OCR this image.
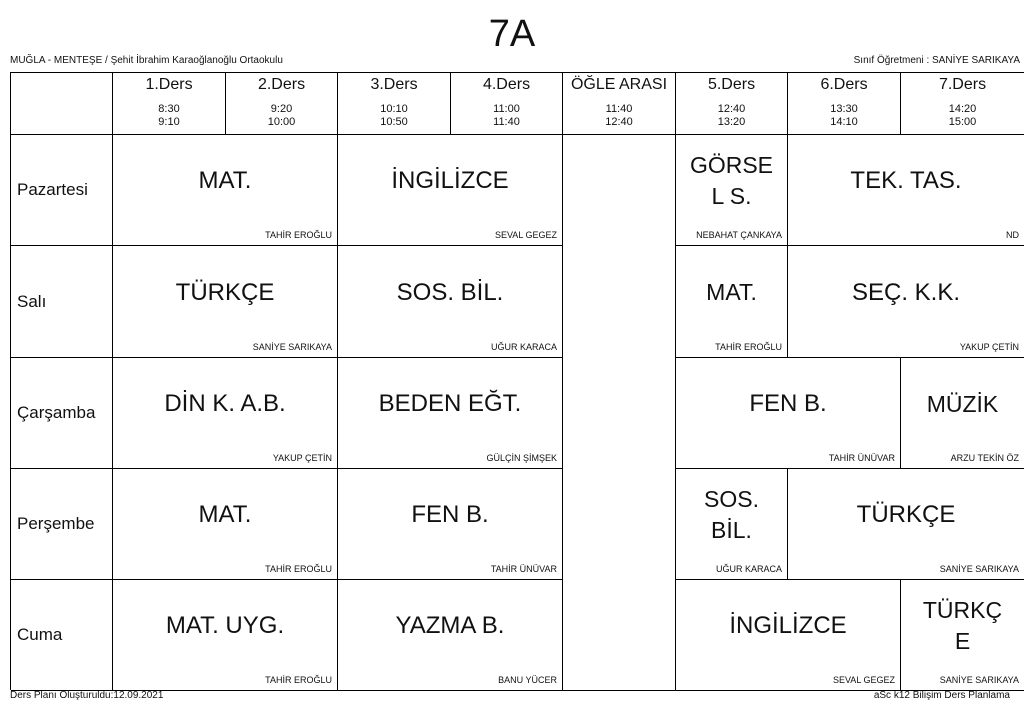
7A
MUĞLA - MENTEŞE / Şehit İbrahim Karaoğlanoğlu Ortaokulu	Sınıf Öğretmeni : SANİYE SARIKAYA
1.Ders
8:30
9:10
2.Ders
9:20
10:00
3.Ders
10:10
10:50
4.Ders
11:00
11:40
ÖĞLE ARASI
11:40
12:40
5.Ders
12:40
13:20
6.Ders
13:30
14:10
7.Ders
14:20
15:00
Pazartesi
Salı
Çarşamba
Perşembe
Cuma
MAT.
TAHİR EROĞLU
İNGİLİZCE
SEVAL GEGEZ
GÖRSE
L S.
NEBAHAT ÇANKAYA
TEK. TAS.
ND
TÜRKÇE
SANİYE SARIKAYA
SOS. BİL.
UĞUR KARACA
MAT.
TAHİR EROĞLU
SEÇ. K.K.
YAKUP ÇETİN
DİN K. A.B.
YAKUP ÇETİN
BEDEN EĞT.
GÜLÇİN ŞİMŞEK
FEN B.
TAHİR ÜNÜVAR
MÜZİK
ARZU TEKİN ÖZ
MAT.
TAHİR EROĞLU
FEN B.
TAHİR ÜNÜVAR
SOS.
BİL.
UĞUR KARACA
TÜRKÇE
SANİYE SARIKAYA
MAT. UYG.
TAHİR EROĞLU
YAZMA B.
BANU YÜCER
İNGİLİZCE
SEVAL GEGEZ
TÜRKÇ
E
SANİYE SARIKAYA
Ders Planı Oluşturuldu:12.09.2021	aSc k12 Bilişim Ders Planlama
